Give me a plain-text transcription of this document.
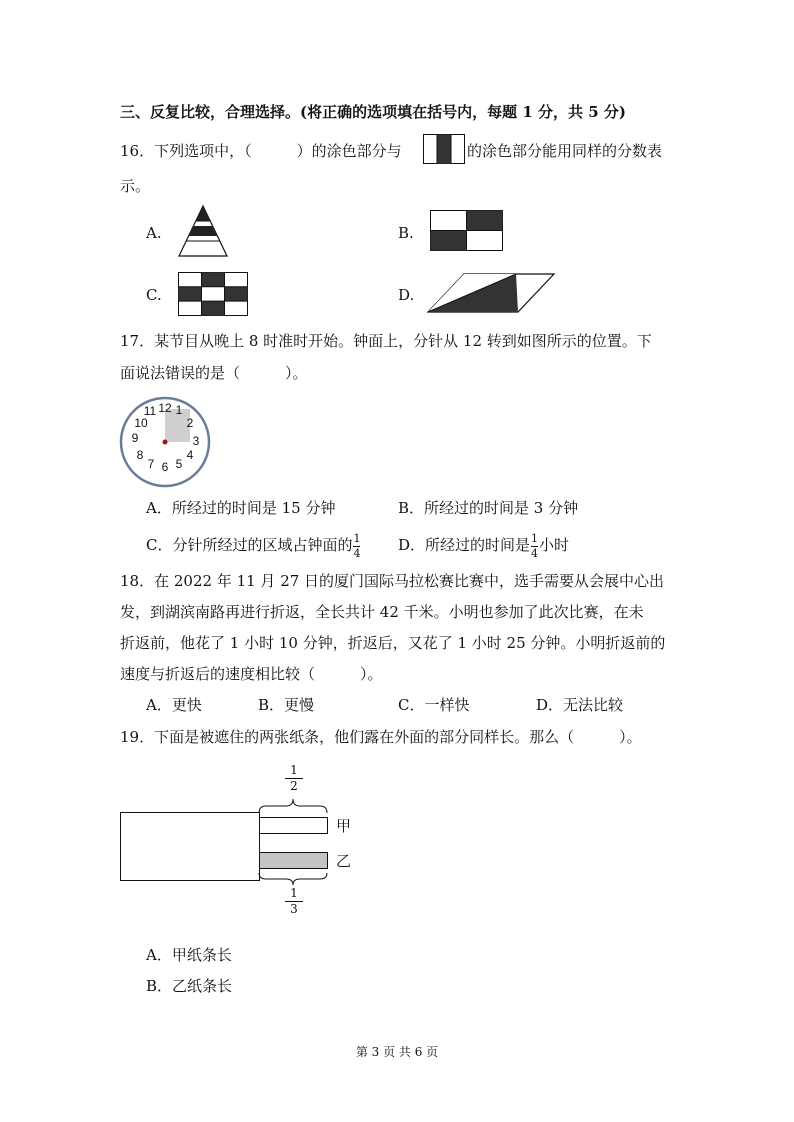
三、反复比较，合理选择。(将正确的选项填在括号内，每题 1 分，共 5 分)
16．下列选项中，（　　　）的涂色部分与	的涂色部分能用同样的分数表
示。
A.	B.
C.	D.
17．某节目从晚上 8 时准时开始。钟面上，分针从 12 转到如图所示的位置。下
面说法错误的是（　　　）。
12 1
2
3
4
5
6
7
8
9
10
11
A．所经过的时间是 15 分钟	B．所经过的时间是 3 分钟
C．分针所经过的区域占钟面的 $\frac{1}{4}$	D．所经过的时间是 $\frac{1}{4}$ 小时
18．在 2022 年 11 月 27 日的厦门国际马拉松赛比赛中，选手需要从会展中心出
发，到湖滨南路再进行折返，全长共计 42 千米。小明也参加了此次比赛，在未
折返前，他花了 1 小时 10 分钟，折返后，又花了 1 小时 25 分钟。小明折返前的
速度与折返后的速度相比较（　　　）。
A．更快	B．更慢	C．一样快	D．无法比较
19．下面是被遮住的两张纸条，他们露在外面的部分同样长。那么（　　　）。
1
2
1
3
甲
乙
A．甲纸条长
B．乙纸条长
第 3 页 共 6 页
